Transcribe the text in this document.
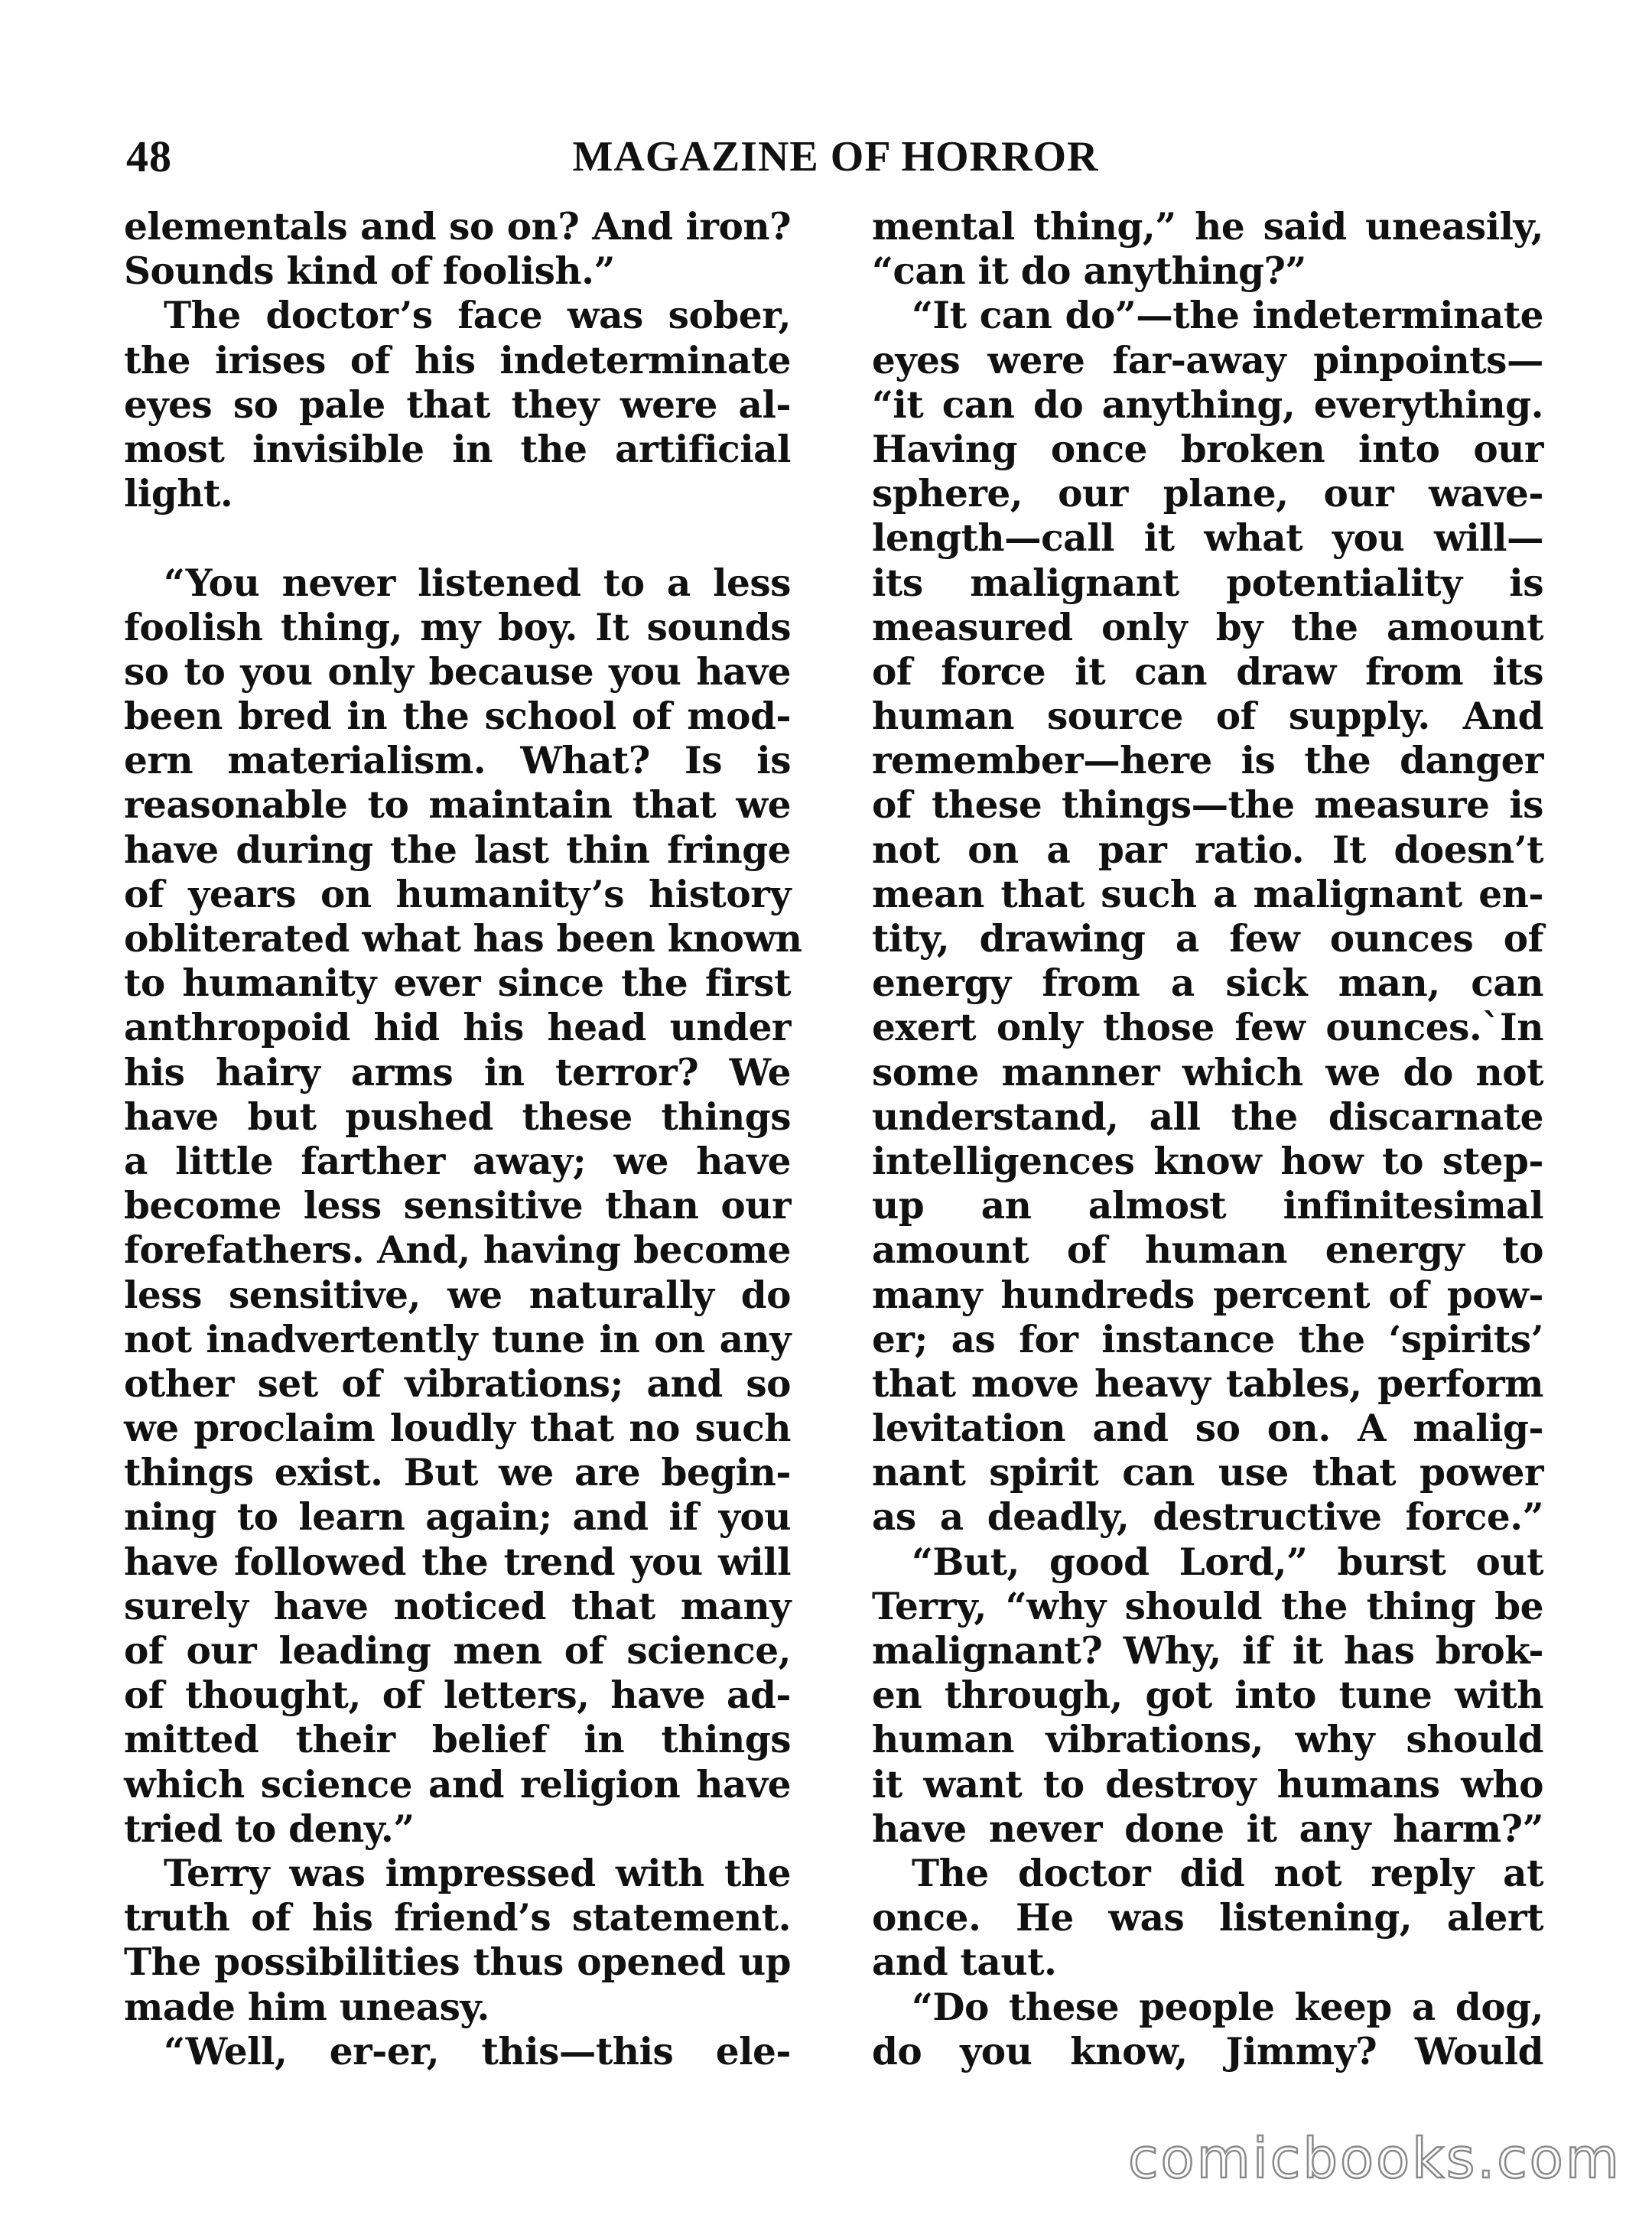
48	MAGAZINE OF HORROR
elementals and so on? And iron?
Sounds kind of foolish.”
The doctor’s face was sober,
the irises of his indeterminate
eyes so pale that they were al-
most invisible in the artificial
light.
“You never listened to a less
foolish thing, my boy. It sounds
so to you only because you have
been bred in the school of mod-
ern materialism. What? Is is
reasonable to maintain that we
have during the last thin fringe
of years on humanity’s history
obliterated what has been known
to humanity ever since the first
anthropoid hid his head under
his hairy arms in terror? We
have but pushed these things
a little farther away; we have
become less sensitive than our
forefathers. And, having become
less sensitive, we naturally do
not inadvertently tune in on any
other set of vibrations; and so
we proclaim loudly that no such
things exist. But we are begin-
ning to learn again; and if you
have followed the trend you will
surely have noticed that many
of our leading men of science,
of thought, of letters, have ad-
mitted their belief in things
which science and religion have
tried to deny.”
Terry was impressed with the
truth of his friend’s statement.
The possibilities thus opened up
made him uneasy.
“Well, er-er, this—this ele-
mental thing,” he said uneasily,
“can it do anything?”
“It can do”—the indeterminate
eyes were far-away pinpoints—
“it can do anything, everything.
Having once broken into our
sphere, our plane, our wave-
length—call it what you will—
its malignant potentiality is
measured only by the amount
of force it can draw from its
human source of supply. And
remember—here is the danger
of these things—the measure is
not on a par ratio. It doesn’t
mean that such a malignant en-
tity, drawing a few ounces of
energy from a sick man, can
exert only those few ounces.`In
some manner which we do not
understand, all the discarnate
intelligences know how to step-
up an almost infinitesimal
amount of human energy to
many hundreds percent of pow-
er; as for instance the ‘spirits’
that move heavy tables, perform
levitation and so on. A malig-
nant spirit can use that power
as a deadly, destructive force.”
“But, good Lord,” burst out
Terry, “why should the thing be
malignant? Why, if it has brok-
en through, got into tune with
human vibrations, why should
it want to destroy humans who
have never done it any harm?”
The doctor did not reply at
once. He was listening, alert
and taut.
“Do these people keep a dog,
do you know, Jimmy? Would
comicbooks.com
